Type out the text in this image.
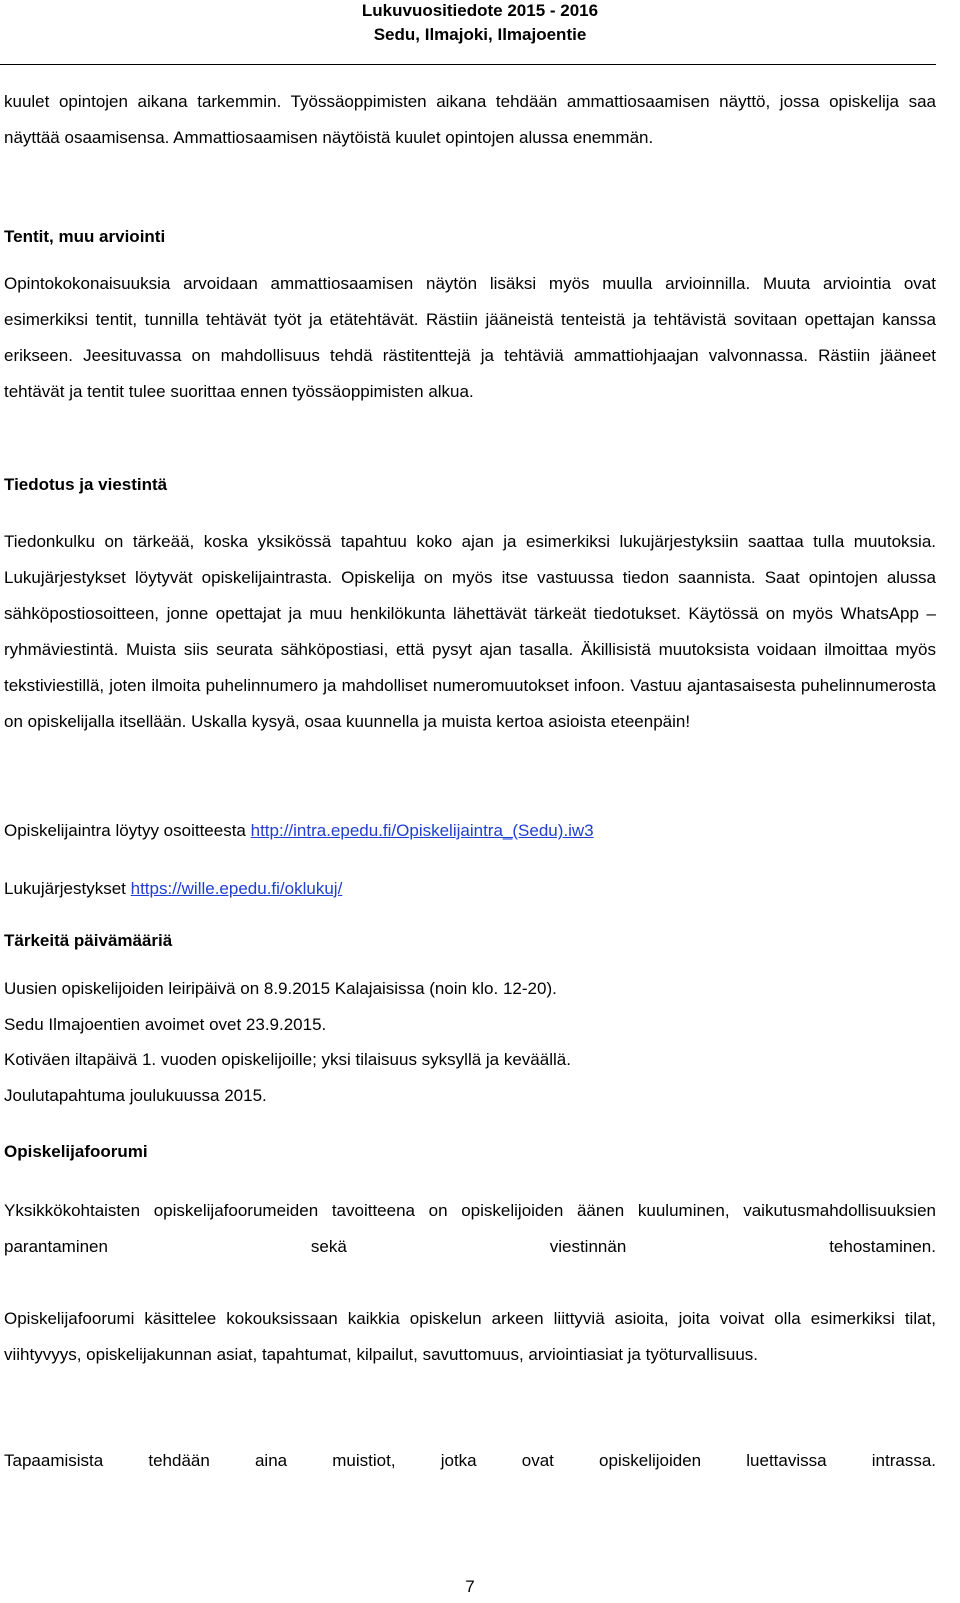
Lukuvuositiedote 2015 - 2016
Sedu, Ilmajoki, Ilmajoentie

kuulet opintojen aikana tarkemmin. Työssäoppimisten aikana tehdään ammattiosaamisen näyttö, jossa opiskelija saa näyttää osaamisensa. Ammattiosaamisen näytöistä kuulet opintojen alussa enemmän.

Tentit, muu arviointi

Opintokokonaisuuksia arvoidaan ammattiosaamisen näytön lisäksi myös muulla arvioinnilla. Muuta arviointia ovat esimerkiksi tentit, tunnilla tehtävät työt ja etätehtävät. Rästiin jääneistä tenteistä ja tehtävistä sovitaan opettajan kanssa erikseen. Jeesituvassa on mahdollisuus tehdä rästitenttejä ja tehtäviä ammattiohjaajan valvonnassa. Rästiin jääneet tehtävät ja tentit tulee suorittaa ennen työssäoppimisten alkua.

Tiedotus ja viestintä

Tiedonkulku on tärkeää, koska yksikössä tapahtuu koko ajan ja esimerkiksi lukujärjestyksiin saattaa tulla muutoksia. Lukujärjestykset löytyvät opiskelijaintrasta. Opiskelija on myös itse vastuussa tiedon saannista. Saat opintojen alussa sähköpostiosoitteen, jonne opettajat ja muu henkilökunta lähettävät tärkeät tiedotukset. Käytössä on myös WhatsApp –ryhmäviestintä. Muista siis seurata sähköpostiasi, että pysyt ajan tasalla. Äkillisistä muutoksista voidaan ilmoittaa myös tekstiviestillä, joten ilmoita puhelinnumero ja mahdolliset numeromuutokset infoon. Vastuu ajantasaisesta puhelinnumerosta on opiskelijalla itsellään. Uskalla kysyä, osaa kuunnella ja muista kertoa asioista eteenpäin!

Opiskelijaintra löytyy osoitteesta http://intra.epedu.fi/Opiskelijaintra_(Sedu).iw3

Lukujärjestykset https://wille.epedu.fi/oklukuj/

Tärkeitä päivämääriä

Uusien opiskelijoiden leiripäivä on 8.9.2015 Kalajaisissa (noin klo. 12-20).

Sedu Ilmajoentien avoimet ovet 23.9.2015.

Kotiväen iltapäivä 1. vuoden opiskelijoille; yksi tilaisuus syksyllä ja keväällä.

Joulutapahtuma joulukuussa 2015.

Opiskelijafoorumi

Yksikkökohtaisten opiskelijafoorumeiden tavoitteena on opiskelijoiden äänen kuuluminen, vaikutusmahdollisuuksien parantaminen sekä viestinnän tehostaminen.

Opiskelijafoorumi käsittelee kokouksissaan kaikkia opiskelun arkeen liittyviä asioita, joita voivat olla esimerkiksi tilat, viihtyvyys, opiskelijakunnan asiat, tapahtumat, kilpailut, savuttomuus, arviointiasiat ja työturvallisuus.

Tapaamisista tehdään aina muistiot, jotka ovat opiskelijoiden luettavissa intrassa.

7
